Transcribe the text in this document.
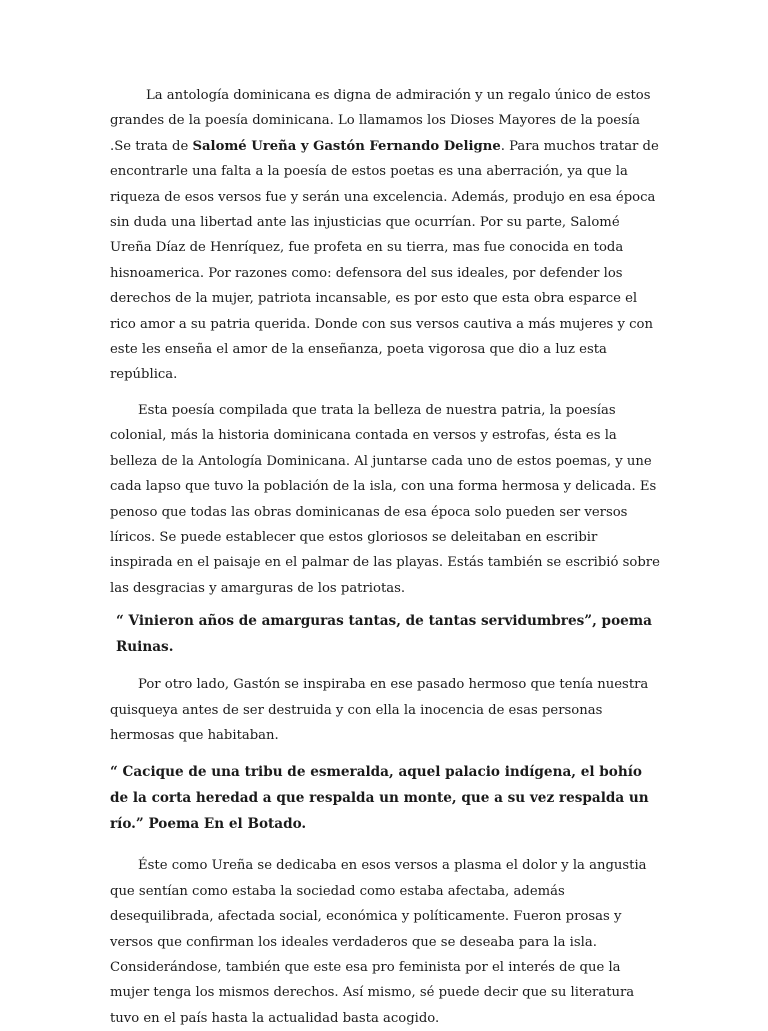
La antología dominicana es digna de admiración y un regalo único de estos grandes de la poesía dominicana. Lo llamamos los Dioses Mayores de la poesía .Se trata de Salomé Ureña y Gastón Fernando Deligne. Para muchos tratar de encontrarle una falta a la poesía de estos poetas es una aberración, ya que la riqueza de esos versos fue y serán una excelencia. Además, produjo en esa época sin duda una libertad ante las injusticias que ocurrían. Por su parte, Salomé Ureña Díaz de Henríquez, fue profeta en su tierra, mas fue conocida en toda hisnoamerica. Por razones como: defensora del sus ideales, por defender los derechos de la mujer, patriota incansable, es por esto que esta obra esparce el rico amor a su patria querida. Donde con sus versos cautiva a más mujeres y con este les enseña el amor de la enseñanza, poeta vigorosa que dio a luz esta república.

Esta poesía compilada que trata la belleza de nuestra patria, la poesías colonial, más la historia dominicana contada en versos y estrofas, ésta es la belleza de la Antología Dominicana. Al juntarse cada uno de estos poemas, y une cada lapso que tuvo la población de la isla, con una forma hermosa y delicada. Es penoso que todas las obras dominicanas de esa época solo pueden ser versos líricos. Se puede establecer que estos gloriosos se deleitaban en escribir inspirada en el paisaje en el palmar de las playas. Estás también se escribió sobre las desgracias y amarguras de los patriotas.

“ Vinieron años de amarguras tantas, de tantas servidumbres”, poema Ruinas.

Por otro lado, Gastón se inspiraba en ese pasado hermoso que tenía nuestra quisqueya antes de ser destruida y con ella la inocencia de esas personas hermosas que habitaban.

“ Cacique de una tribu de esmeralda, aquel palacio indígena, el bohío de la corta heredad a que respalda un monte, que a su vez respalda un río.” Poema En el Botado.

Éste como Ureña se dedicaba en esos versos a plasma el dolor y la angustia que sentían como estaba la sociedad como estaba afectaba, además desequilibrada, afectada social, económica y políticamente. Fueron prosas y versos que confirman los ideales verdaderos que se deseaba para la isla. Considerándose, también que este esa pro feminista por el interés de que la mujer tenga los mismos derechos. Así mismo, sé puede decir que su literatura tuvo en el país hasta la actualidad basta acogido.
